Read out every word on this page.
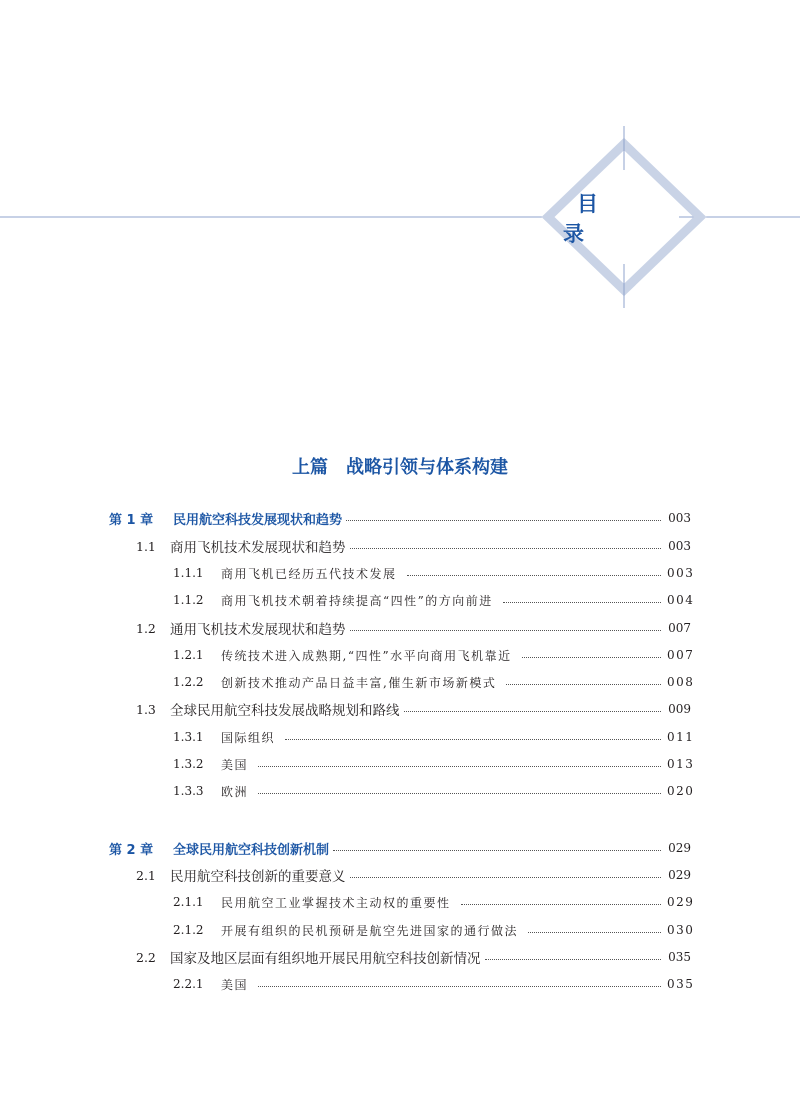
目 录
上篇 战略引领与体系构建
第 1 章	民用航空科技发展现状和趋势	003
1.1	商用飞机技术发展现状和趋势	003
1.1.1	商用飞机已经历五代技术发展	003
1.1.2	商用飞机技术朝着持续提高“四性”的方向前进	004
1.2	通用飞机技术发展现状和趋势	007
1.2.1	传统技术进入成熟期,“四性”水平向商用飞机靠近	007
1.2.2	创新技术推动产品日益丰富,催生新市场新模式	008
1.3	全球民用航空科技发展战略规划和路线	009
1.3.1	国际组织	011
1.3.2	美国	013
1.3.3	欧洲	020
第 2 章	全球民用航空科技创新机制	029
2.1	民用航空科技创新的重要意义	029
2.1.1	民用航空工业掌握技术主动权的重要性	029
2.1.2	开展有组织的民机预研是航空先进国家的通行做法	030
2.2	国家及地区层面有组织地开展民用航空科技创新情况	035
2.2.1	美国	035
